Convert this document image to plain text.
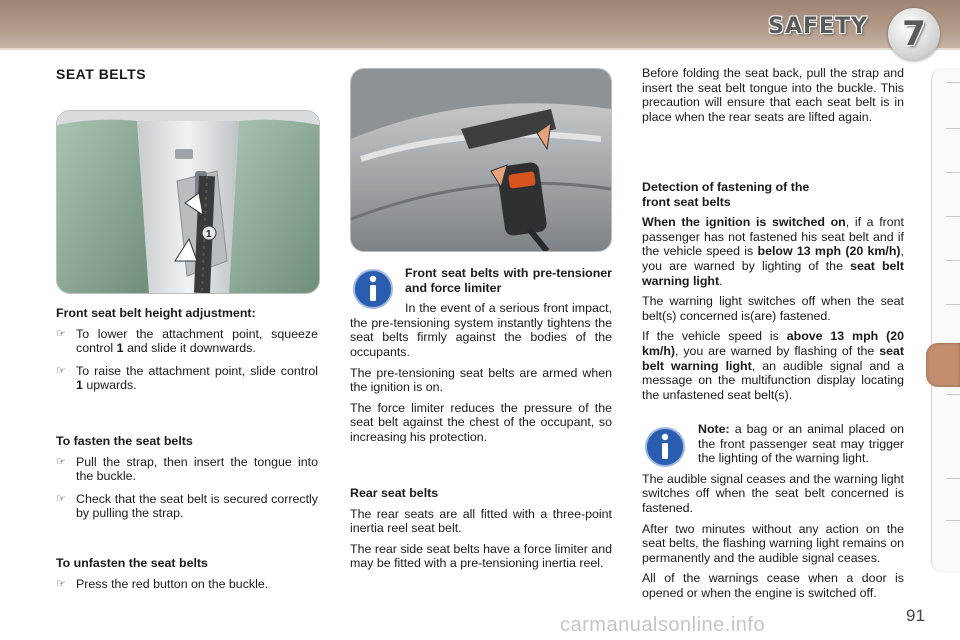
SAFETY 7
SEAT BELTS
1

Front seat belt height adjustment:

☞ To lower the attachment point, squeeze control 1 and slide it downwards.
☞ To raise the attachment point, slide control 1 upwards.

To fasten the seat belts

☞ Pull the strap, then insert the tongue into the buckle.
☞ Check that the seat belt is secured correctly by pulling the strap.

To unfasten the seat belts

☞ Press the red button on the buckle.

Front seat belts with pre-tensioner and force limiter

In the event of a serious front impact, the pre-tensioning system instantly tightens the seat belts firmly against the bodies of the occupants.

The pre-tensioning seat belts are armed when the ignition is on.

The force limiter reduces the pressure of the seat belt against the chest of the occupant, so increasing his protection.

Rear seat belts

The rear seats are all fitted with a three-point inertia reel seat belt.

The rear side seat belts have a force limiter and may be fitted with a pre-tensioning inertia reel.

Before folding the seat back, pull the strap and insert the seat belt tongue into the buckle. This precaution will ensure that each seat belt is in place when the rear seats are lifted again.

Detection of fastening of the front seat belts

When the ignition is switched on, if a front passenger has not fastened his seat belt and if the vehicle speed is below 13 mph (20 km/h), you are warned by lighting of the seat belt warning light.

The warning light switches off when the seat belt(s) concerned is(are) fastened.

If the vehicle speed is above 13 mph (20 km/h), you are warned by flashing of the seat belt warning light, an audible signal and a message on the multifunction display locating the unfastened seat belt(s).

Note: a bag or an animal placed on the front passenger seat may trigger the lighting of the warning light.

The audible signal ceases and the warning light switches off when the seat belt concerned is fastened.

After two minutes without any action on the seat belts, the flashing warning light remains on permanently and the audible signal ceases.

All of the warnings cease when a door is opened or when the engine is switched off.

carmanualsonline.info	91
